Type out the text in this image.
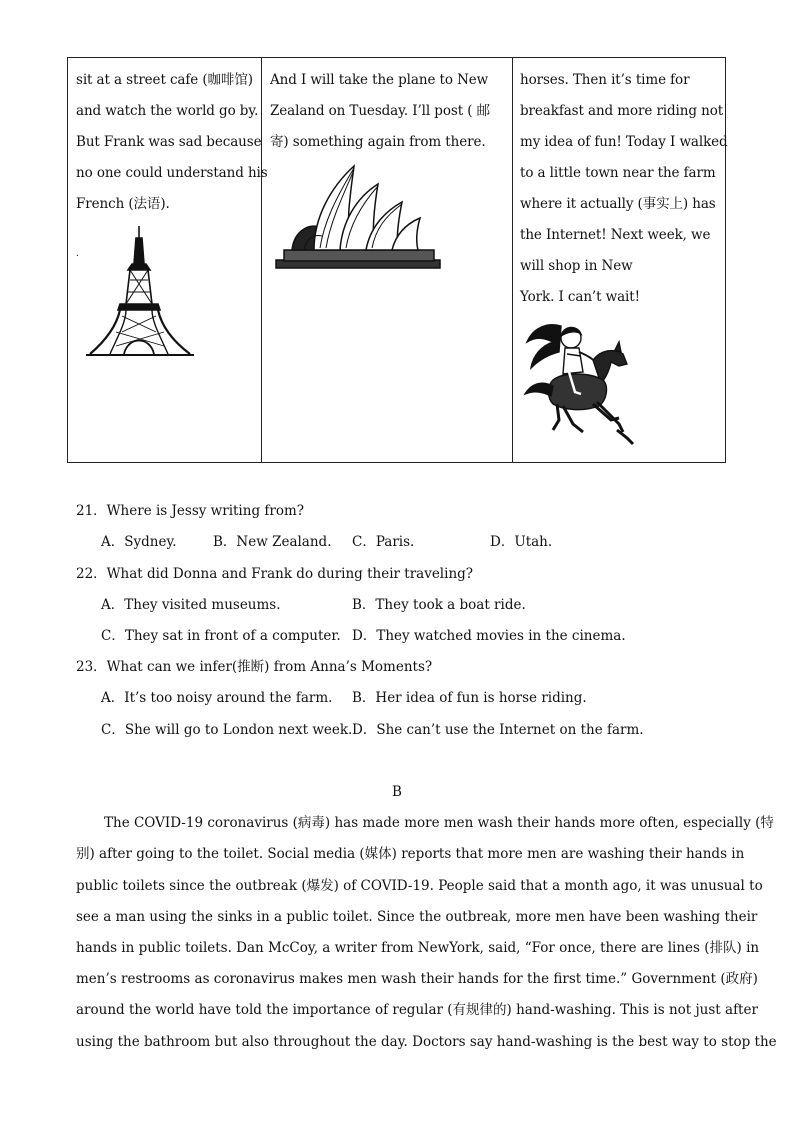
sit at a street cafe (咖啡馆)
and watch the world go by.
But Frank was sad because
no one could understand his
French (法语).
.
And I will take the plane to New
Zealand on Tuesday. I’ll post ( 邮
寄) something again from there.
horses. Then it’s time for
breakfast and more riding not
my idea of fun! Today I walked
to a little town near the farm
where it actually (事实上) has
the Internet! Next week, we
will shop in New
York. I can’t wait!
21．Where is Jessy writing from?
A．Sydney.	B．New Zealand. C．Paris.	D．Utah.
22．What did Donna and Frank do during their traveling?
A．They visited museums.	B．They took a boat ride.
C．They sat in front of a computer. D．They watched movies in the cinema.
23．What can we infer(推断) from Anna’s Moments?
A．It’s too noisy around the farm. B．Her idea of fun is horse riding.
C．She will go to London next week. D．She can’t use the Internet on the farm.
B
The COVID-19 coronavirus (病毒) has made more men wash their hands more often, especially (特
别) after going to the toilet. Social media (媒体) reports that more men are washing their hands in
public toilets since the outbreak (爆发) of COVID-19. People said that a month ago, it was unusual to
see a man using the sinks in a public toilet. Since the outbreak, more men have been washing their
hands in public toilets. Dan McCoy, a writer from NewYork, said, “For once, there are lines (排队) in
men’s restrooms as coronavirus makes men wash their hands for the first time.” Government (政府)
around the world have told the importance of regular (有规律的) hand-washing. This is not just after
using the bathroom but also throughout the day. Doctors say hand-washing is the best way to stop the
